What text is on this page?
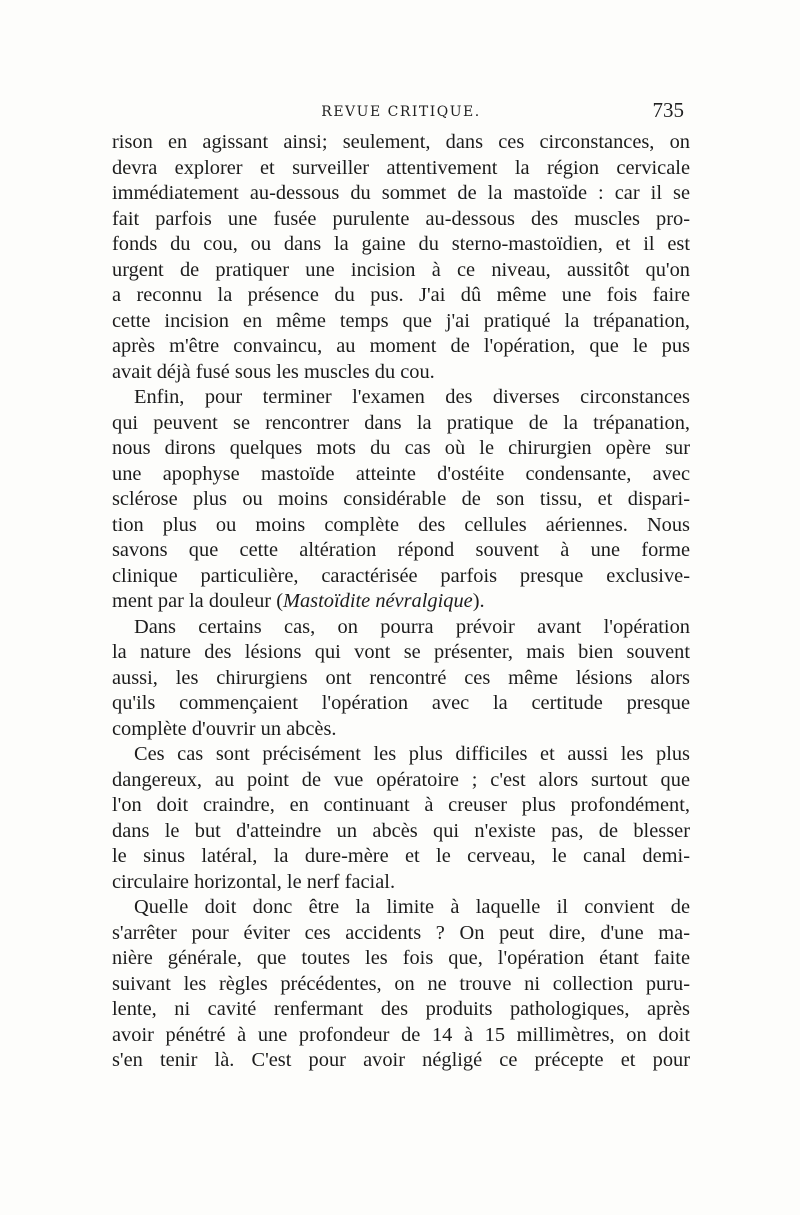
REVUE CRITIQUE.	735
rison en agissant ainsi; seulement, dans ces circonstances, on
devra explorer et surveiller attentivement la région cervicale
immédiatement au-dessous du sommet de la mastoïde : car il se
fait parfois une fusée purulente au-dessous des muscles pro-
fonds du cou, ou dans la gaine du sterno-mastoïdien, et il est
urgent de pratiquer une incision à ce niveau, aussitôt qu'on
a reconnu la présence du pus. J'ai dû même une fois faire
cette incision en même temps que j'ai pratiqué la trépanation,
après m'être convaincu, au moment de l'opération, que le pus
avait déjà fusé sous les muscles du cou.
Enfin, pour terminer l'examen des diverses circonstances
qui peuvent se rencontrer dans la pratique de la trépanation,
nous dirons quelques mots du cas où le chirurgien opère sur
une apophyse mastoïde atteinte d'ostéite condensante, avec
sclérose plus ou moins considérable de son tissu, et dispari-
tion plus ou moins complète des cellules aériennes. Nous
savons que cette altération répond souvent à une forme
clinique particulière, caractérisée parfois presque exclusive-
ment par la douleur (Mastoïdite névralgique).
Dans certains cas, on pourra prévoir avant l'opération
la nature des lésions qui vont se présenter, mais bien souvent
aussi, les chirurgiens ont rencontré ces même lésions alors
qu'ils commençaient l'opération avec la certitude presque
complète d'ouvrir un abcès.
Ces cas sont précisément les plus difficiles et aussi les plus
dangereux, au point de vue opératoire ; c'est alors surtout que
l'on doit craindre, en continuant à creuser plus profondément,
dans le but d'atteindre un abcès qui n'existe pas, de blesser
le sinus latéral, la dure-mère et le cerveau, le canal demi-
circulaire horizontal, le nerf facial.
Quelle doit donc être la limite à laquelle il convient de
s'arrêter pour éviter ces accidents ? On peut dire, d'une ma-
nière générale, que toutes les fois que, l'opération étant faite
suivant les règles précédentes, on ne trouve ni collection puru-
lente, ni cavité renfermant des produits pathologiques, après
avoir pénétré à une profondeur de 14 à 15 millimètres, on doit
s'en tenir là. C'est pour avoir négligé ce précepte et pour
